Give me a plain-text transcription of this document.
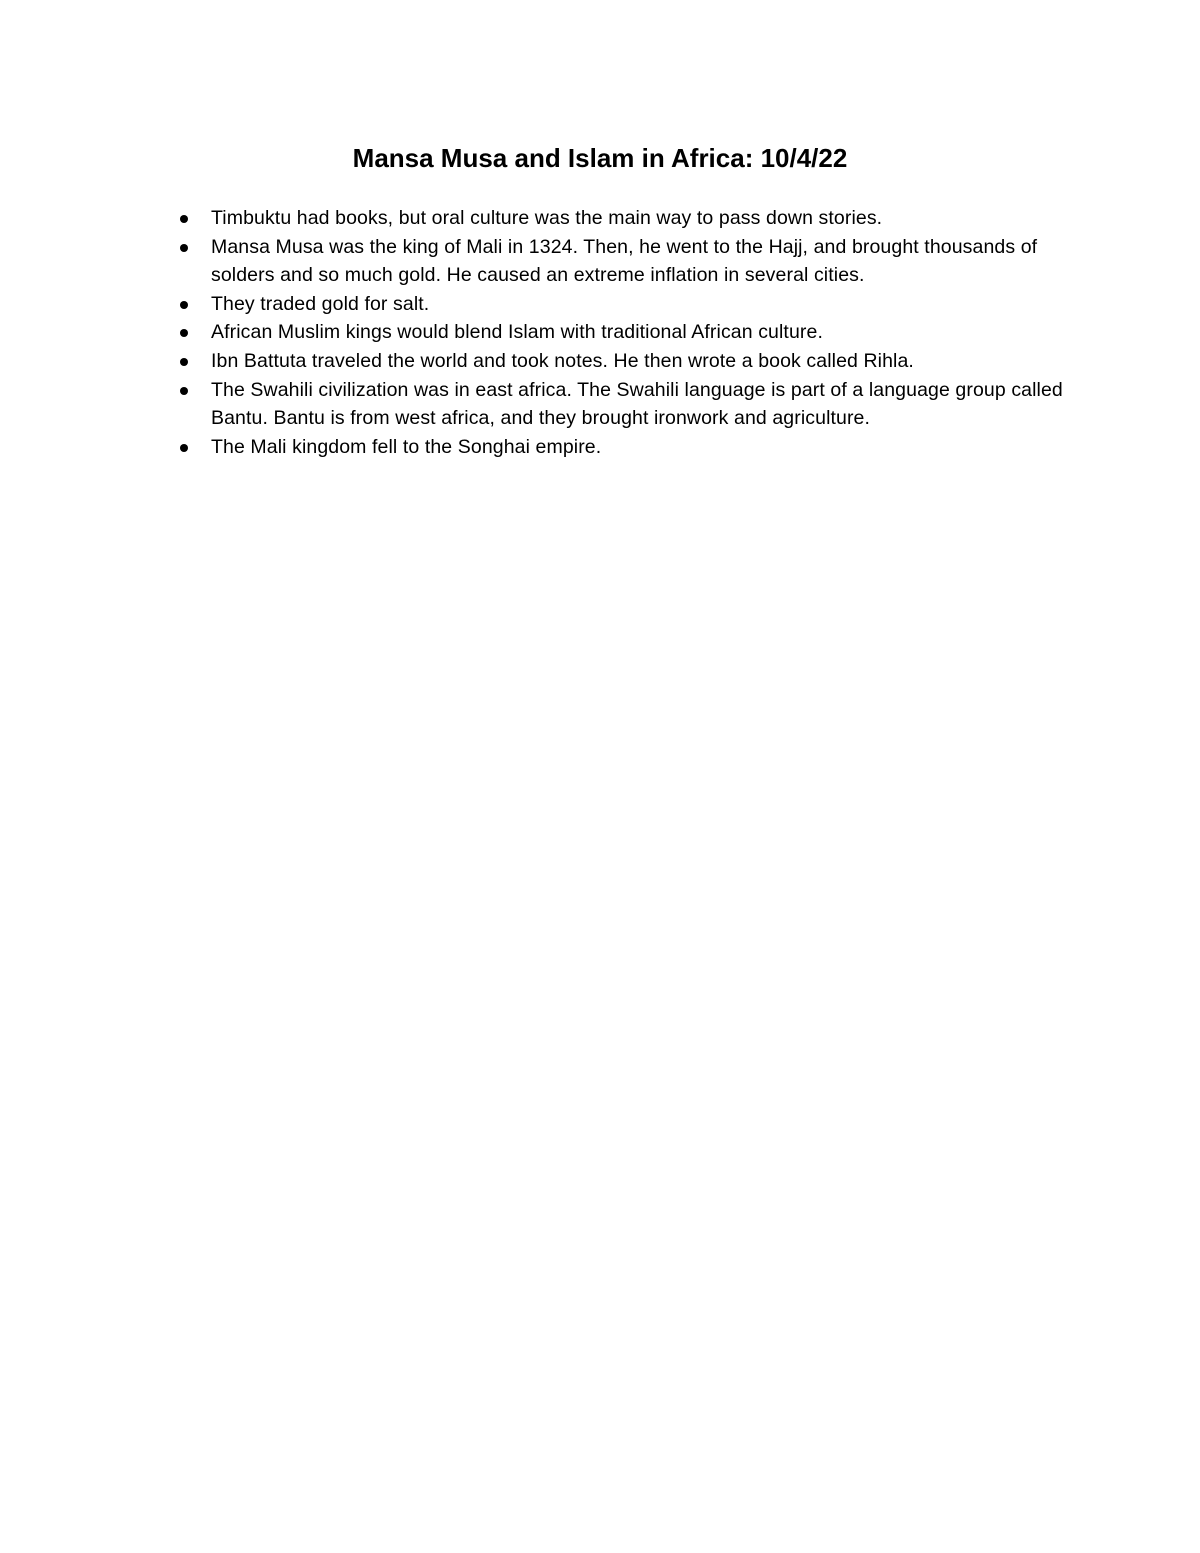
Mansa Musa and Islam in Africa: 10/4/22
Timbuktu had books, but oral culture was the main way to pass down stories.
Mansa Musa was the king of Mali in 1324. Then, he went to the Hajj, and brought thousands of solders and so much gold. He caused an extreme inflation in several cities.
They traded gold for salt.
African Muslim kings would blend Islam with traditional African culture.
Ibn Battuta traveled the world and took notes. He then wrote a book called Rihla.
The Swahili civilization was in east africa. The Swahili language is part of a language group called Bantu. Bantu is from west africa, and they brought ironwork and agriculture.
The Mali kingdom fell to the Songhai empire.
